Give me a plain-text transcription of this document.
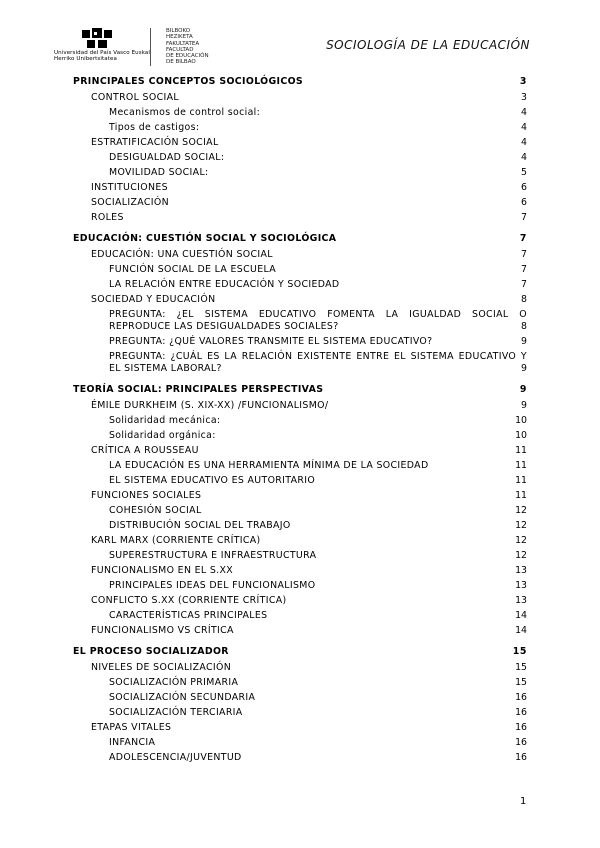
Universidad del País Vasco Euskal Herriko Unibertsitatea
BILBOKO
HEZIKETA
FAKULTATEA
FACULTAD
DE EDUCACIÓN
DE BILBAO
SOCIOLOGÍA DE LA EDUCACIÓN
PRINCIPALES CONCEPTOS SOCIOLÓGICOS	3
CONTROL SOCIAL	3
Mecanismos de control social:	4
Tipos de castigos:	4
ESTRATIFICACIÓN SOCIAL	4
DESIGUALDAD SOCIAL:	4
MOVILIDAD SOCIAL:	5
INSTITUCIONES	6
SOCIALIZACIÓN	6
ROLES	7
EDUCACIÓN: CUESTIÓN SOCIAL Y SOCIOLÓGICA	7
EDUCACIÓN: UNA CUESTIÓN SOCIAL	7
FUNCIÓN SOCIAL DE LA ESCUELA	7
LA RELACIÓN ENTRE EDUCACIÓN Y SOCIEDAD	7
SOCIEDAD Y EDUCACIÓN	8
PREGUNTA: ¿EL SISTEMA EDUCATIVO FOMENTA LA IGUALDAD SOCIAL O REPRODUCE LAS DESIGUALDADES SOCIALES?	8
PREGUNTA: ¿QUÉ VALORES TRANSMITE EL SISTEMA EDUCATIVO?	9
PREGUNTA: ¿CUÁL ES LA RELACIÓN EXISTENTE ENTRE EL SISTEMA EDUCATIVO Y EL SISTEMA LABORAL?	9
TEORÍA SOCIAL: PRINCIPALES PERSPECTIVAS	9
ÉMILE DURKHEIM (S. XIX-XX) /FUNCIONALISMO/	9
Solidaridad mecánica:	10
Solidaridad orgánica:	10
CRÍTICA A ROUSSEAU	11
LA EDUCACIÓN ES UNA HERRAMIENTA MÍNIMA DE LA SOCIEDAD	11
EL SISTEMA EDUCATIVO ES AUTORITARIO	11
FUNCIONES SOCIALES	11
COHESIÓN SOCIAL	12
DISTRIBUCIÓN SOCIAL DEL TRABAJO	12
KARL MARX (CORRIENTE CRÍTICA)	12
SUPERESTRUCTURA E INFRAESTRUCTURA	12
FUNCIONALISMO EN EL S.XX	13
PRINCIPALES IDEAS DEL FUNCIONALISMO	13
CONFLICTO S.XX (CORRIENTE CRÍTICA)	13
CARACTERÍSTICAS PRINCIPALES	14
FUNCIONALISMO VS CRÍTICA	14
EL PROCESO SOCIALIZADOR	15
NIVELES DE SOCIALIZACIÓN	15
SOCIALIZACIÓN PRIMARIA	15
SOCIALIZACIÓN SECUNDARIA	16
SOCIALIZACIÓN TERCIARIA	16
ETAPAS VITALES	16
INFANCIA	16
ADOLESCENCIA/JUVENTUD	16
1
